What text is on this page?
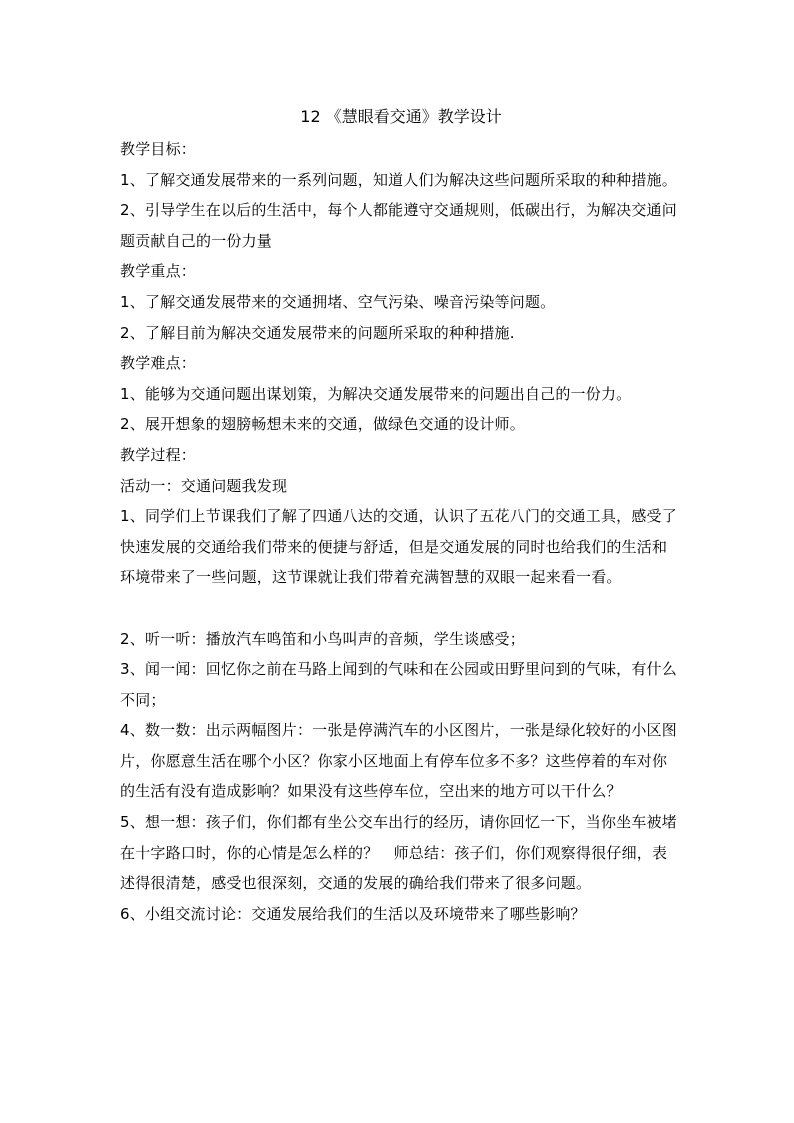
12 《慧眼看交通》教学设计

教学目标：

1、了解交通发展带来的一系列问题，知道人们为解决这些问题所采取的种种措施。

2、引导学生在以后的生活中，每个人都能遵守交通规则，低碳出行，为解决交通问题贡献自己的一份力量

教学重点：

1、了解交通发展带来的交通拥堵、空气污染、噪音污染等问题。

2、了解目前为解决交通发展带来的问题所采取的种种措施.

教学难点：

1、能够为交通问题出谋划策，为解决交通发展带来的问题出自己的一份力。

2、展开想象的翅膀畅想未来的交通，做绿色交通的设计师。

教学过程：

活动一：交通问题我发现

1、同学们上节课我们了解了四通八达的交通，认识了五花八门的交通工具，感受了快速发展的交通给我们带来的便捷与舒适，但是交通发展的同时也给我们的生活和环境带来了一些问题，这节课就让我们带着充满智慧的双眼一起来看一看。

2、听一听：播放汽车鸣笛和小鸟叫声的音频，学生谈感受；

3、闻一闻：回忆你之前在马路上闻到的气味和在公园或田野里问到的气味，有什么不同；

4、数一数：出示两幅图片：一张是停满汽车的小区图片，一张是绿化较好的小区图片，你愿意生活在哪个小区？你家小区地面上有停车位多不多？这些停着的车对你的生活有没有造成影响？如果没有这些停车位，空出来的地方可以干什么？

5、想一想：孩子们，你们都有坐公交车出行的经历，请你回忆一下，当你坐车被堵在十字路口时，你的心情是怎么样的？　师总结：孩子们，你们观察得很仔细，表述得很清楚，感受也很深刻，交通的发展的确给我们带来了很多问题。

6、小组交流讨论：交通发展给我们的生活以及环境带来了哪些影响？
